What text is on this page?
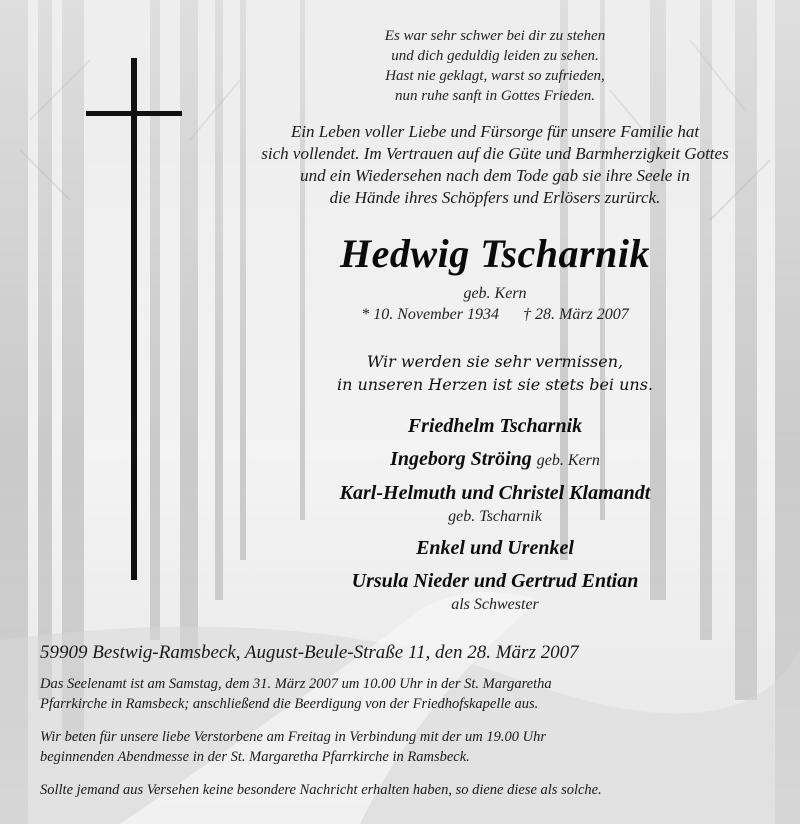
Es war sehr schwer bei dir zu stehen
und dich geduldig leiden zu sehen.
Hast nie geklagt, warst so zufrieden,
nun ruhe sanft in Gottes Frieden.
Ein Leben voller Liebe und Fürsorge für unsere Familie hat
sich vollendet. Im Vertrauen auf die Güte und Barmherzigkeit Gottes
und ein Wiedersehen nach dem Tode gab sie ihre Seele in
die Hände ihres Schöpfers und Erlösers zurürck.
Hedwig Tscharnik
geb. Kern
* 10. November 1934 † 28. März 2007
Wir werden sie sehr vermissen,
in unseren Herzen ist sie stets bei uns.
Friedhelm Tscharnik
Ingeborg Ströing geb. Kern
Karl-Helmuth und Christel Klamandt
geb. Tscharnik
Enkel und Urenkel
Ursula Nieder und Gertrud Entian
als Schwester
59909 Bestwig-Ramsbeck, August-Beule-Straße 11, den 28. März 2007
Das Seelenamt ist am Samstag, dem 31. März 2007 um 10.00 Uhr in der St. Margaretha
Pfarrkirche in Ramsbeck; anschließend die Beerdigung von der Friedhofskapelle aus.
Wir beten für unsere liebe Verstorbene am Freitag in Verbindung mit der um 19.00 Uhr
beginnenden Abendmesse in der St. Margaretha Pfarrkirche in Ramsbeck.
Sollte jemand aus Versehen keine besondere Nachricht erhalten haben, so diene diese als solche.
